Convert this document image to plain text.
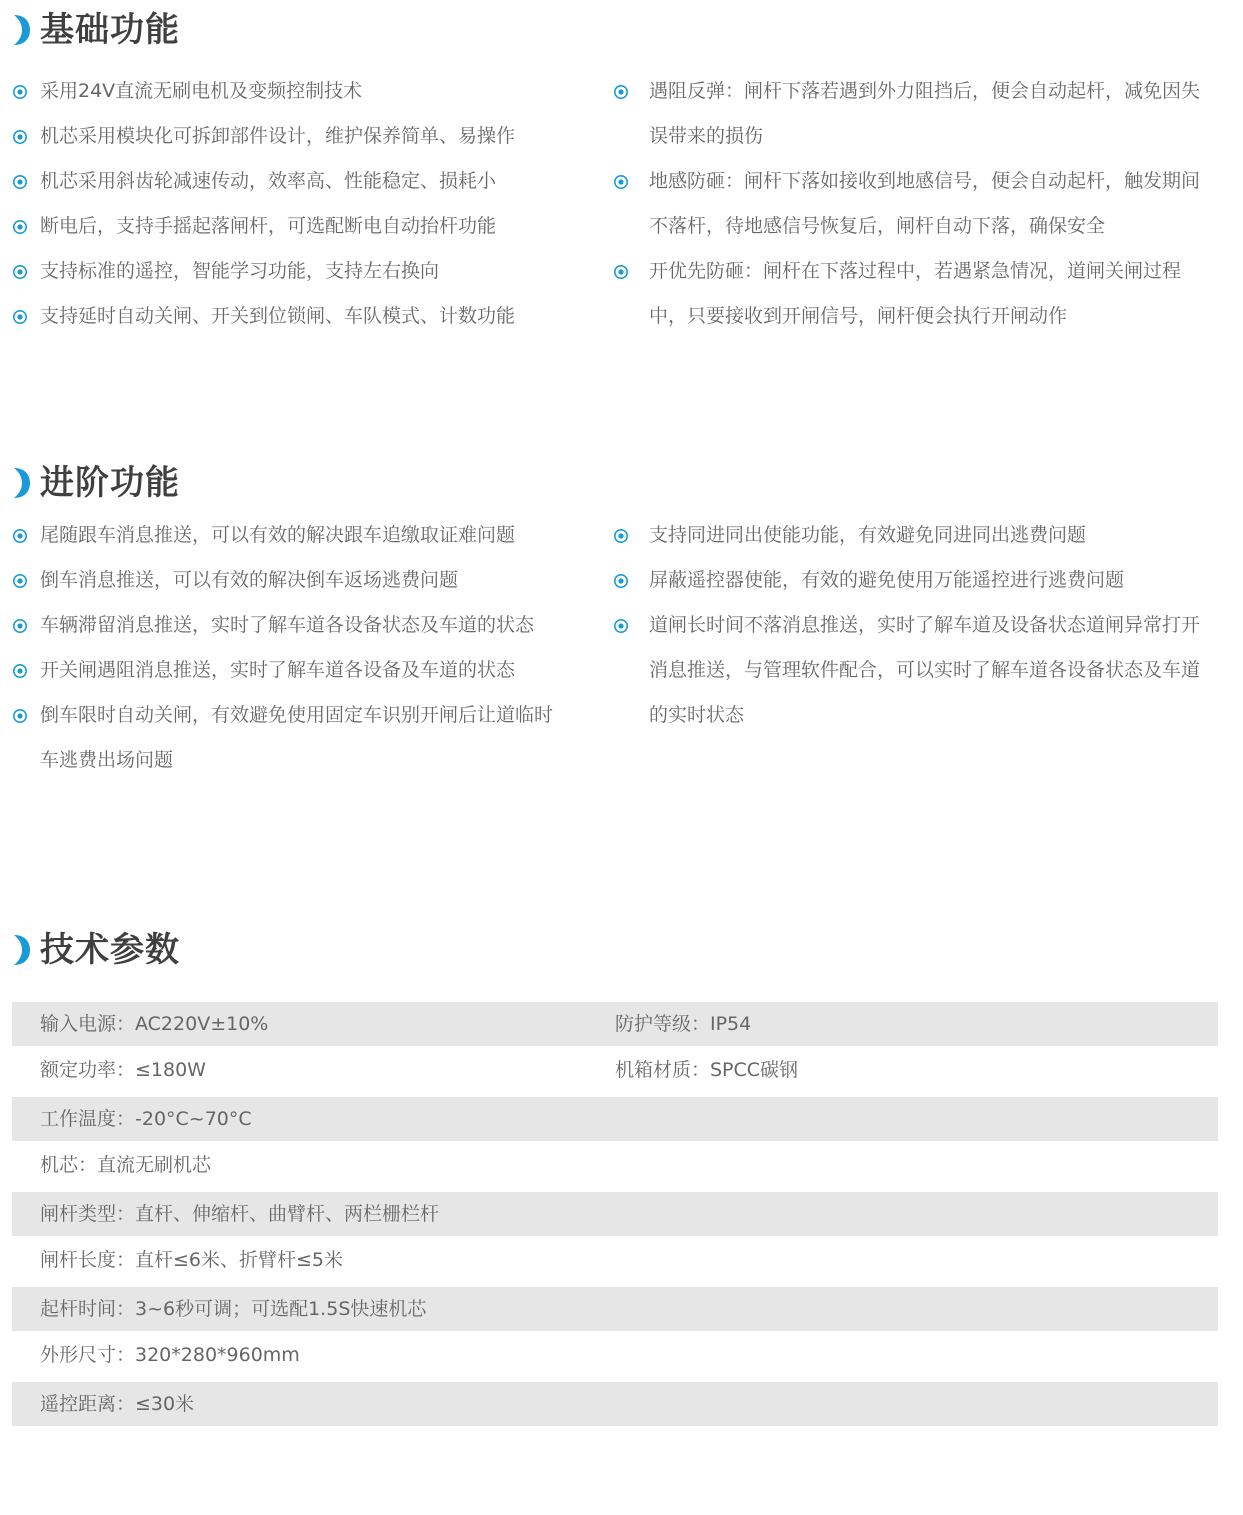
基础功能
采用24V直流无刷电机及变频控制技术
机芯采用模块化可拆卸部件设计，维护保养简单、易操作
机芯采用斜齿轮减速传动，效率高、性能稳定、损耗小
断电后，支持手摇起落闸杆，可选配断电自动抬杆功能
支持标准的遥控，智能学习功能，支持左右换向
支持延时自动关闸、开关到位锁闸、车队模式、计数功能
遇阻反弹：闸杆下落若遇到外力阻挡后，便会自动起杆，减免因失
误带来的损伤
地感防砸：闸杆下落如接收到地感信号，便会自动起杆，触发期间
不落杆，待地感信号恢复后，闸杆自动下落，确保安全
开优先防砸：闸杆在下落过程中，若遇紧急情况，道闸关闸过程
中，只要接收到开闸信号，闸杆便会执行开闸动作
进阶功能
尾随跟车消息推送，可以有效的解决跟车追缴取证难问题
倒车消息推送，可以有效的解决倒车返场逃费问题
车辆滞留消息推送，实时了解车道各设备状态及车道的状态
开关闸遇阻消息推送，实时了解车道各设备及车道的状态
倒车限时自动关闸，有效避免使用固定车识别开闸后让道临时
车逃费出场问题
支持同进同出使能功能，有效避免同进同出逃费问题
屏蔽遥控器使能，有效的避免使用万能遥控进行逃费问题
道闸长时间不落消息推送，实时了解车道及设备状态道闸异常打开
消息推送，与管理软件配合，可以实时了解车道各设备状态及车道
的实时状态
技术参数
输入电源：AC220V±10%	防护等级：IP54
额定功率：≤180W	机箱材质：SPCC碳钢
工作温度：-20°C~70°C
机芯：直流无刷机芯
闸杆类型：直杆、伸缩杆、曲臂杆、两栏栅栏杆
闸杆长度：直杆≤6米、折臂杆≤5米
起杆时间：3~6秒可调；可选配1.5S快速机芯
外形尺寸：320*280*960mm
遥控距离：≤30米
